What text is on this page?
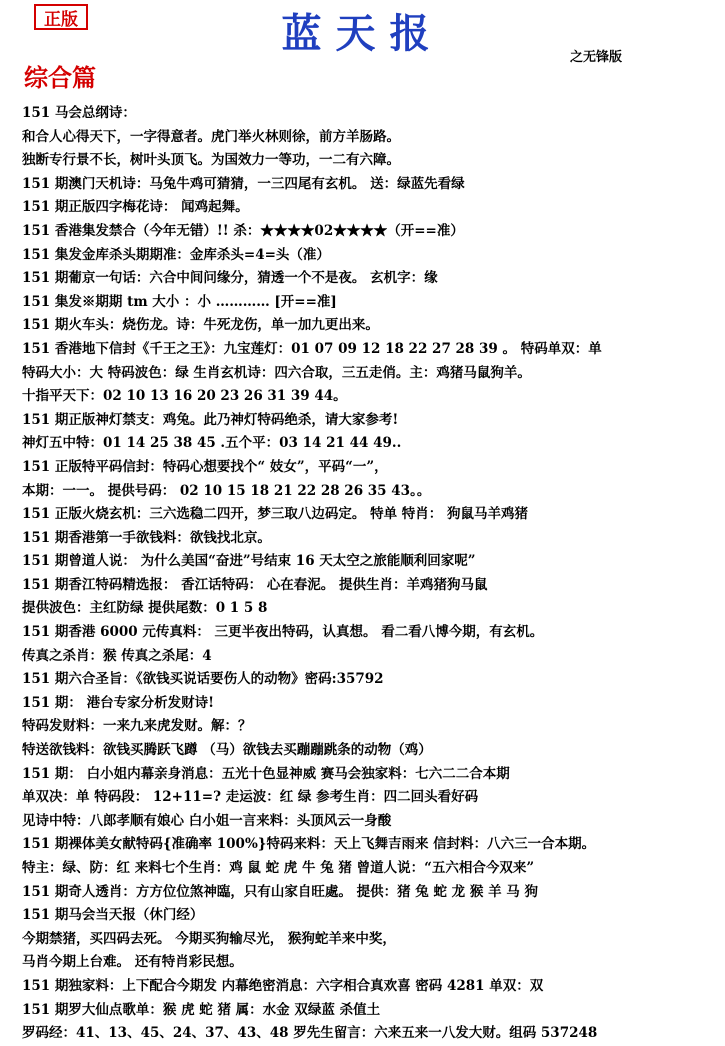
正版	蓝天报
之无锋版
综合篇
151 马会总纲诗：
和合人心得天下，一字得意者。虎门举火林则徐，前方羊肠路。
独断专行景不长，树叶头顶飞。为国效力一等功，一二有六障。
151 期澳门天机诗：马兔牛鸡可猜猜，一三四尾有玄机。 送：绿蓝先看绿
151 期正版四字梅花诗： 闻鸡起舞。
151 香港集发禁合（今年无错）!! 杀：★★★★02★★★★（开==准）
151 集发金库杀头期期准：金库杀头=4=头（准）
151 期葡京一句话：六合中间问缘分，猜透一个不是夜。 玄机字：缘
151 集发※期期 tm 大小 ：小 ………… [开==准]
151 期火车头：烧伤龙。诗：牛死龙伤，单一加九更出来。
151 香港地下信封《千王之王》：九宝莲灯：01 07 09 12 18 22 27 28 39 。 特码单双：单
特码大小：大 特码波色：绿 生肖玄机诗：四六合取，三五走俏。主：鸡猪马鼠狗羊。
十指平天下：02 10 13 16 20 23 26 31 39 44。
151 期正版神灯禁支：鸡兔。此乃神灯特码绝杀，请大家参考!
神灯五中特：01 14 25 38 45 .五个平：03 14 21 44 49..
151 正版特平码信封：特码心想要找个“ 妓女”，平码“一”，
本期：一一。 提供号码： 02 10 15 18 21 22 28 26 35 43。。
151 正版火烧玄机：三六选稳二四开，梦三取八边码定。 特单 特肖： 狗鼠马羊鸡猪
151 期香港第一手欲钱料：欲钱找北京。
151 期曾道人说： 为什么美国“奋进”号结束 16 天太空之旅能顺利回家呢”
151 期香江特码精选报： 香江话特码： 心在春泥。 提供生肖：羊鸡猪狗马鼠
提供波色：主红防绿 提供尾数：0 1 5 8
151 期香港 6000 元传真料： 三更半夜出特码，认真想。 看二看八博今期，有玄机。
传真之杀肖：猴 传真之杀尾：4
151 期六合圣旨：《欲钱买说话要伤人的动物》密码:35792
151 期： 港台专家分析发财诗!
特码发财料：一来九来虎发财。解：？
特送欲钱料：欲钱买腾跃飞蹲 （马）欲钱去买蹦蹦跳条的动物（鸡）
151 期： 白小姐内幕亲身消息：五光十色显神威 赛马会独家料：七六二二合本期
单双决：单 特码段： 12+11=? 走运波：红 绿 参考生肖：四二回头看好码
见诗中特：八郎孝顺有娘心 白小姐一言来料：头顶风云一身酸
151 期裸体美女献特码{准确率 100%}特码来料：天上飞舞吉雨来 信封料：八六三一合本期。
特主：绿、防：红 来料七个生肖：鸡 鼠 蛇 虎 牛 兔 猪 曾道人说：“五六相合今双来”
151 期奇人透肖：方方位位煞神臨，只有山家自旺處。 提供：猪 兔 蛇 龙 猴 羊 马 狗
151 期马会当天报（休门经）
今期禁猪，买四码去死。 今期买狗输尽光， 猴狗蛇羊来中奖，
马肖今期上台难。 还有特肖彩民想。
151 期独家料：上下配合今期发 内幕绝密消息：六字相合真欢喜 密码 4281 单双：双
151 期罗大仙点歌单：猴 虎 蛇 猪 属：水金 双绿蓝 杀值土
罗码经：41、13、45、24、37、43、48 罗先生留言：六来五来一八发大财。组码 537248
